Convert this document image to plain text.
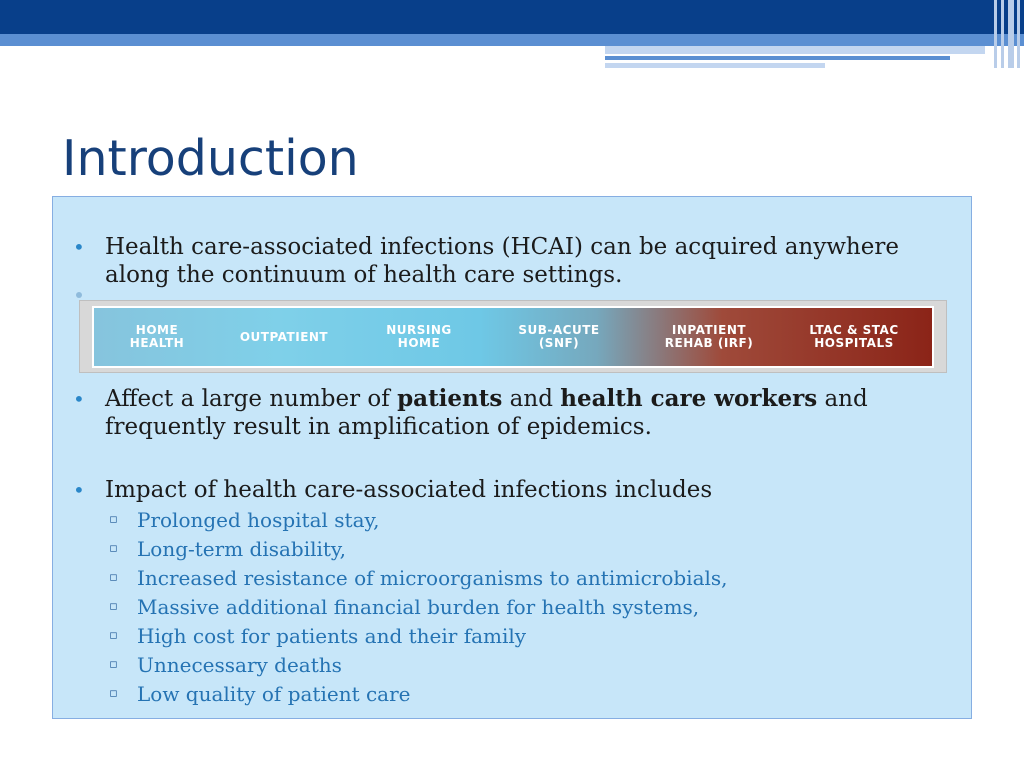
Introduction
• Health care-associated infections (HCAI) can be acquired anywhere along the continuum of health care settings.
HOME
HEALTH	OUTPATIENT	NURSING
HOME
SUB-ACUTE
(SNF)
INPATIENT
REHAB (IRF)
LTAC & STAC
HOSPITALS
• Affect a large number of patients and health care workers and frequently result in amplification of epidemics.
• Impact of health care-associated infections includes
▫ Prolonged hospital stay,
▫ Long-term disability,
▫ Increased resistance of microorganisms to antimicrobials,
▫ Massive additional financial burden for health systems,
▫ High cost for patients and their family
▫ Unnecessary deaths
▫ Low quality of patient care
